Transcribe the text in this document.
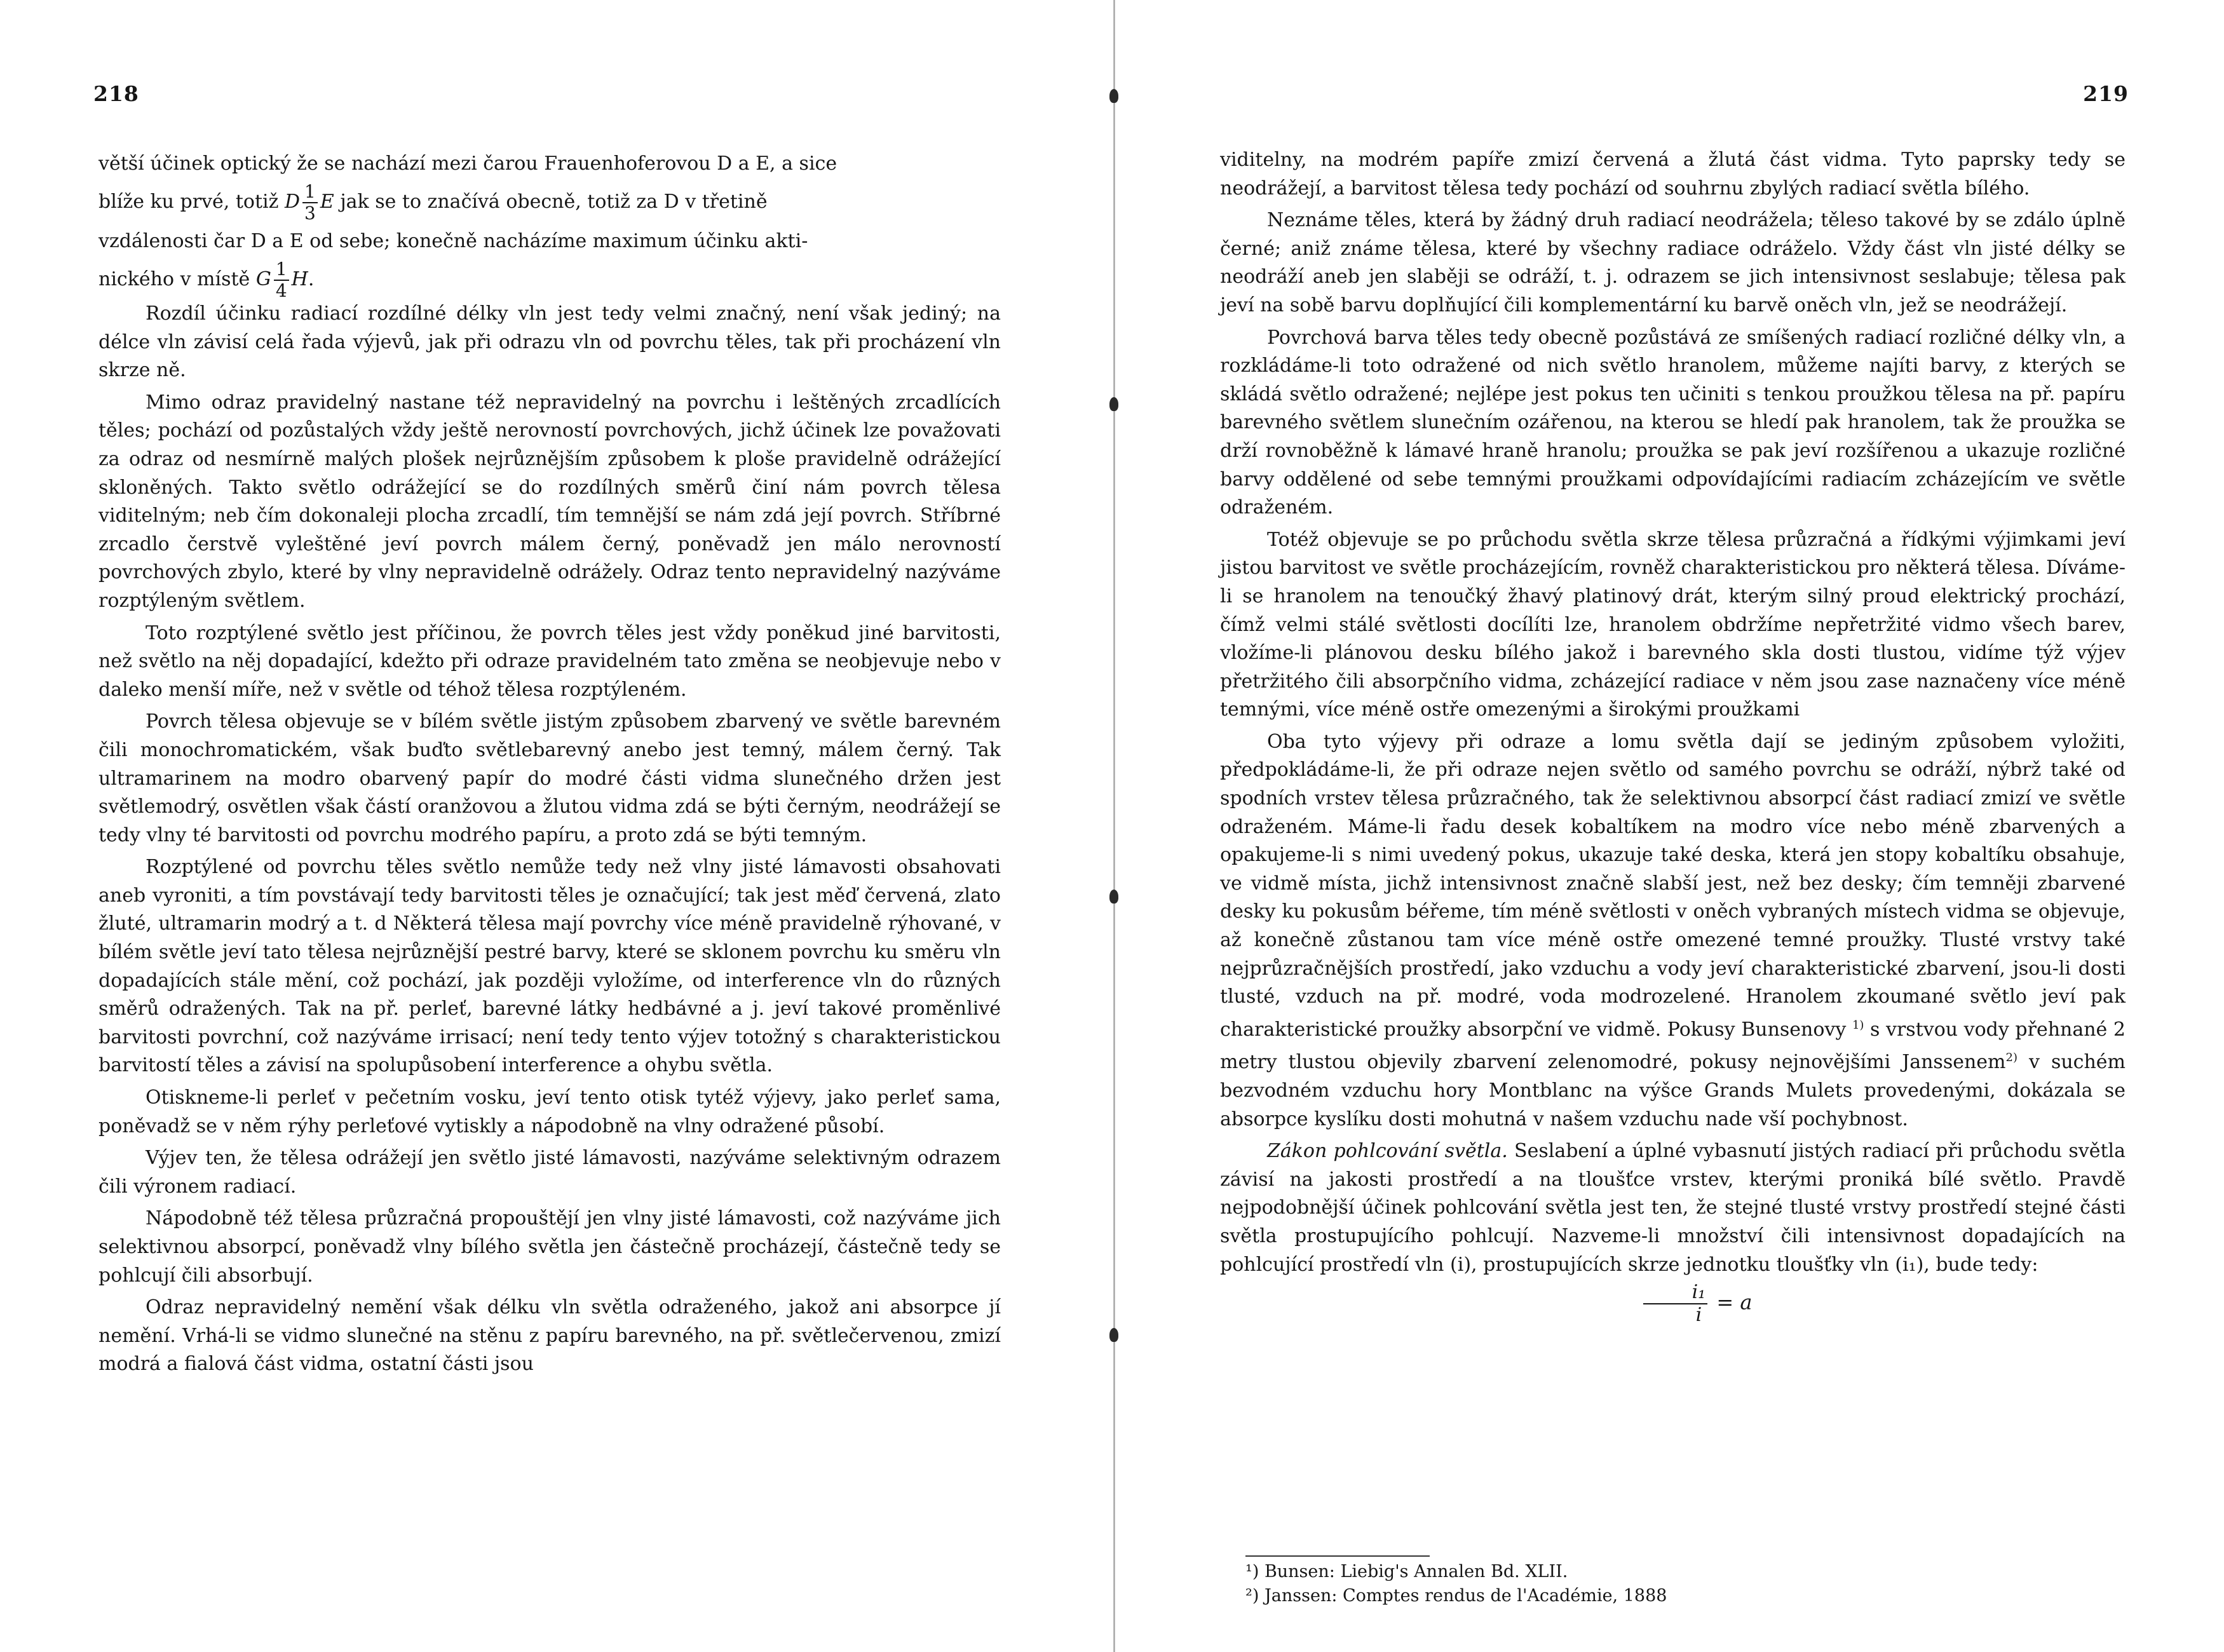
218

větší účinek optický že se nachází mezi čarou Frauenhoferovou D a E, a sice

blíže ku prvé, totiž D $\frac{1}{3}$ E jak se to značívá obecně, totiž za D v třetině

vzdálenosti čar D a E od sebe; konečně nacházíme maximum účinku akti-

nického v místě G $\frac{1}{4} H$.

Rozdíl účinku radiací rozdílné délky vln jest tedy velmi značný, není však jediný; na délce vln závisí celá řada výjevů, jak při odrazu vln od povrchu těles, tak při procházení vln skrze ně.

Mimo odraz pravidelný nastane též nepravidelný na povrchu i leštěných zrcadlících těles; pochází od pozůstalých vždy ještě nerovností povrchových, jichž účinek lze považovati za odraz od nesmírně malých plošek nejrůznějším způsobem k ploše pravidelně odrážející skloněných. Takto světlo odrážející se do rozdílných směrů činí nám povrch tělesa viditelným; neb čím dokonaleji plocha zrcadlí, tím temnější se nám zdá její povrch. Stříbrné zrcadlo čerstvě vyleštěné jeví povrch málem černý, poněvadž jen málo nerovností povrchových zbylo, které by vlny nepravidelně odrážely. Odraz tento nepravidelný nazýváme rozptýleným světlem.

Toto rozptýlené světlo jest příčinou, že povrch těles jest vždy poněkud jiné barvitosti, než světlo na něj dopadající, kdežto při odraze pravidelném tato změna se neobjevuje nebo v daleko menší míře, než v světle od téhož tělesa rozptýleném.

Povrch tělesa objevuje se v bílém světle jistým způsobem zbarvený ve světle barevném čili monochromatickém, však buďto světlebarevný anebo jest temný, málem černý. Tak ultramarinem na modro obarvený papír do modré části vidma slunečného držen jest světlemodrý, osvětlen však částí oranžovou a žlutou vidma zdá se býti černým, neodrážejí se tedy vlny té barvitosti od povrchu modrého papíru, a proto zdá se býti temným.

Rozptýlené od povrchu těles světlo nemůže tedy než vlny jisté lámavosti obsahovati aneb vyroniti, a tím povstávají tedy barvitosti těles je označující; tak jest měď červená, zlato žluté, ultramarin modrý a t. d Některá tělesa mají povrchy více méně pravidelně rýhované, v bílém světle jeví tato tělesa nejrůznější pestré barvy, které se sklonem povrchu ku směru vln dopadajících stále mění, což pochází, jak později vyložíme, od interference vln do různých směrů odražených. Tak na př. perleť, barevné látky hedbávné a j. jeví takové proměnlivé barvitosti povrchní, což nazýváme irrisací; není tedy tento výjev totožný s charakteristickou barvitostí těles a závisí na spolupůsobení interference a ohybu světla.

Otiskneme-li perleť v pečetním vosku, jeví tento otisk tytéž výjevy, jako perleť sama, poněvadž se v něm rýhy perleťové vytiskly a nápodobně na vlny odražené působí.

Výjev ten, že tělesa odrážejí jen světlo jisté lámavosti, nazýváme selektivným odrazem čili výronem radiací.

Nápodobně též tělesa průzračná propouštějí jen vlny jisté lámavosti, což nazýváme jich selektivnou absorpcí, poněvadž vlny bílého světla jen částečně procházejí, částečně tedy se pohlcují čili absorbují.

Odraz nepravidelný nemění však délku vln světla odraženého, jakož ani absorpce jí nemění. Vrhá-li se vidmo slunečné na stěnu z papíru barevného, na př. světlečervenou, zmizí modrá a fialová část vidma, ostatní části jsou

219

viditelny, na modrém papíře zmizí červená a žlutá část vidma. Tyto paprsky tedy se neodrážejí, a barvitost tělesa tedy pochází od souhrnu zbylých radiací světla bílého.

Neznáme těles, která by žádný druh radiací neodrážela; těleso takové by se zdálo úplně černé; aniž známe tělesa, které by všechny radiace odráželo. Vždy část vln jisté délky se neodráží aneb jen slaběji se odráží, t. j. odrazem se jich intensivnost seslabuje; tělesa pak jeví na sobě barvu doplňující čili komplementární ku barvě oněch vln, jež se neodrážejí.

Povrchová barva těles tedy obecně pozůstává ze smíšených radiací rozličné délky vln, a rozkládáme-li toto odražené od nich světlo hranolem, můžeme najíti barvy, z kterých se skládá světlo odražené; nejlépe jest pokus ten učiniti s tenkou proužkou tělesa na př. papíru barevného světlem slunečním ozářenou, na kterou se hledí pak hranolem, tak že proužka se drží rovnoběžně k lámavé hraně hranolu; proužka se pak jeví rozšířenou a ukazuje rozličné barvy oddělené od sebe temnými proužkami odpovídajícími radiacím zcházejícím ve světle odraženém.

Totéž objevuje se po průchodu světla skrze tělesa průzračná a řídkými výjimkami jeví jistou barvitost ve světle procházejícím, rovněž charakteristickou pro některá tělesa. Díváme-li se hranolem na tenoučký žhavý platinový drát, kterým silný proud elektrický prochází, čímž velmi stálé světlosti docílíti lze, hranolem obdržíme nepřetržité vidmo všech barev, vložíme-li plánovou desku bílého jakož i barevného skla dosti tlustou, vidíme týž výjev přetržitého čili absorpčního vidma, zcházející radiace v něm jsou zase naznačeny více méně temnými, více méně ostře omezenými a širokými proužkami

Oba tyto výjevy při odraze a lomu světla dají se jediným způsobem vyložiti, předpokládáme-li, že při odraze nejen světlo od samého povrchu se odráží, nýbrž také od spodních vrstev tělesa průzračného, tak že selektivnou absorpcí část radiací zmizí ve světle odraženém. Máme-li řadu desek kobaltíkem na modro více nebo méně zbarvených a opakujeme-li s nimi uvedený pokus, ukazuje také deska, která jen stopy kobaltíku obsahuje, ve vidmě místa, jichž intensivnost značně slabší jest, než bez desky; čím temněji zbarvené desky ku pokusům béřeme, tím méně světlosti v oněch vybraných místech vidma se objevuje, až konečně zůstanou tam více méně ostře omezené temné proužky. Tlusté vrstvy také nejprůzračnějších prostředí, jako vzduchu a vody jeví charakteristické zbarvení, jsou-li dosti tlusté, vzduch na př. modré, voda modrozelené. Hranolem zkoumané světlo jeví pak charakteristické proužky absorpční ve vidmě. Pokusy Bunsenovy $^{1)}$ s vrstvou vody přehnané 2 metry tlustou objevily zbarvení zelenomodré, pokusy nejnovějšími Janssenem$^{2)}$ v suchém bezvodném vzduchu hory Montblanc na výšce Grands Mulets provedenými, dokázala se absorpce kyslíku dosti mohutná v našem vzduchu nade vší pochybnost.

Zákon pohlcování světla. Seslabení a úplné vybasnutí jistých radiací při průchodu světla závisí na jakosti prostředí a na tloušťce vrstev, kterými proniká bílé světlo. Pravdě nejpodobnější účinek pohlcování světla jest ten, že stejné tlusté vrstvy prostředí stejné části světla prostupujícího pohlcují. Nazveme-li množství čili intensivnost dopadajících na pohlcující prostředí vln (i), prostupujících skrze jednotku tloušťky vln (i₁), bude tedy:

$\frac{\text{i₁}}{i} = a$

¹) Bunsen: Liebig's Annalen Bd. XLII.

²) Janssen: Comptes rendus de l'Académie, 1888
